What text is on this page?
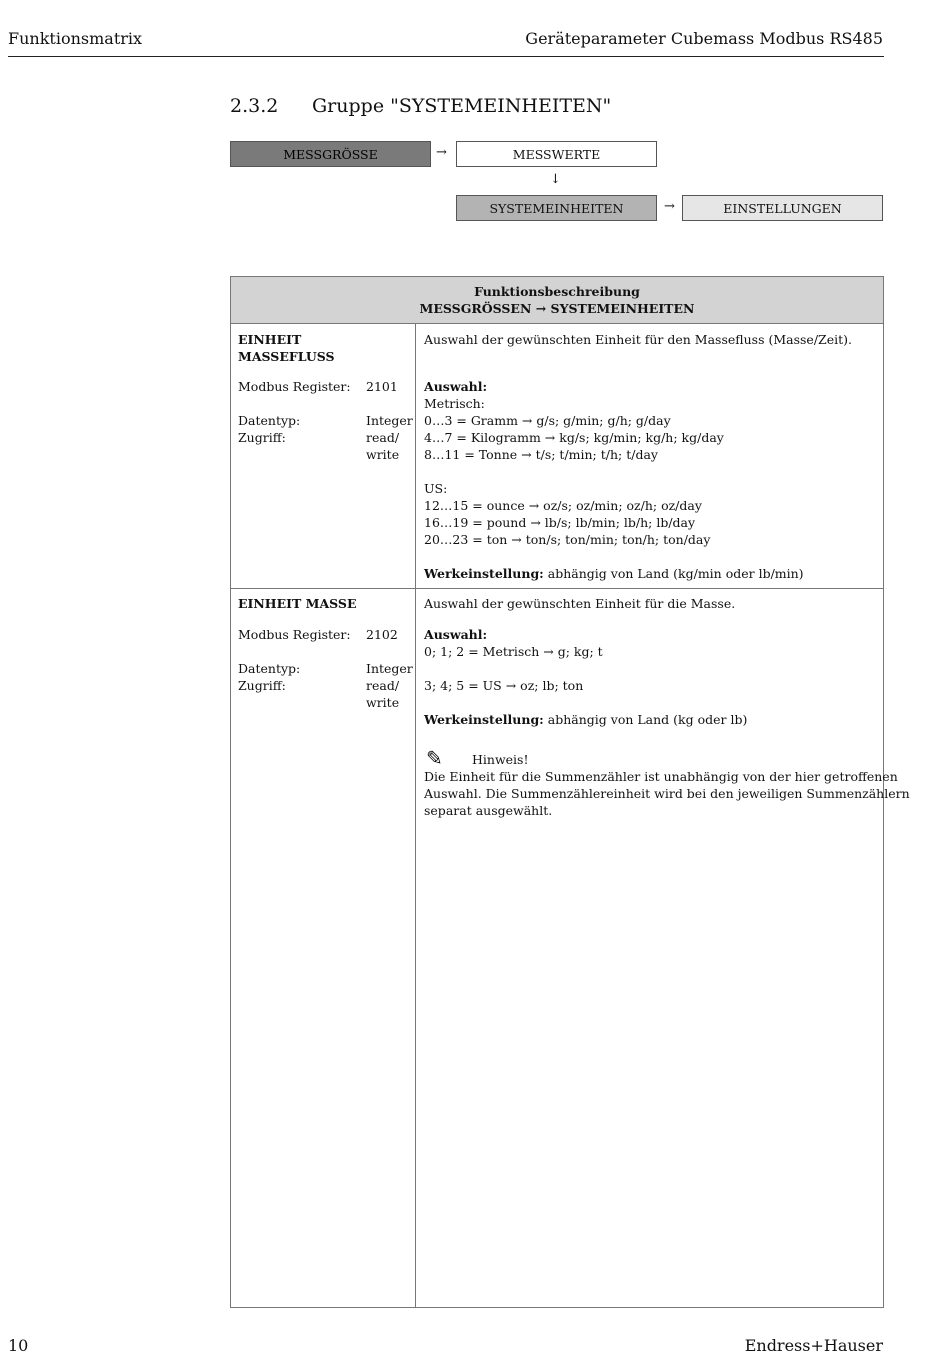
Funktionsmatrix	Geräteparameter Cubemass Modbus RS485
2.3.2 Gruppe "SYSTEMEINHEITEN"
MESSGRÖSSE	→	MESSWERTE
↓
SYSTEMEINHEITEN	→	EINSTELLUNGEN
Funktionsbeschreibung
MESSGRÖSSEN → SYSTEMEINHEITEN
EINHEIT
MASSEFLUSS
Modbus Register: 2101
Datentyp:	Integer
Zugriff:	read/
write
Auswahl der gewünschten Einheit für den Massefluss (Masse/Zeit).
Auswahl:
Metrisch:
0…3 = Gramm → g/s; g/min; g/h; g/day
4…7 = Kilogramm → kg/s; kg/min; kg/h; kg/day
8…11 = Tonne → t/s; t/min; t/h; t/day
US:
12…15 = ounce → oz/s; oz/min; oz/h; oz/day
16…19 = pound → lb/s; lb/min; lb/h; lb/day
20…23 = ton → ton/s; ton/min; ton/h; ton/day
Werkeinstellung: abhängig von Land (kg/min oder lb/min)
EINHEIT MASSE
Modbus Register: 2102
Datentyp:	Integer
Zugriff:	read/
write
Auswahl der gewünschten Einheit für die Masse.
Auswahl:
0; 1; 2 = Metrisch → g; kg; t
3; 4; 5 = US → oz; lb; ton
Werkeinstellung: abhängig von Land (kg oder lb)
✎ Hinweis!
Die Einheit für die Summenzähler ist unabhängig von der hier getroffenen
Auswahl. Die Summenzählereinheit wird bei den jeweiligen Summenzählern
separat ausgewählt.
10	Endress+Hauser
